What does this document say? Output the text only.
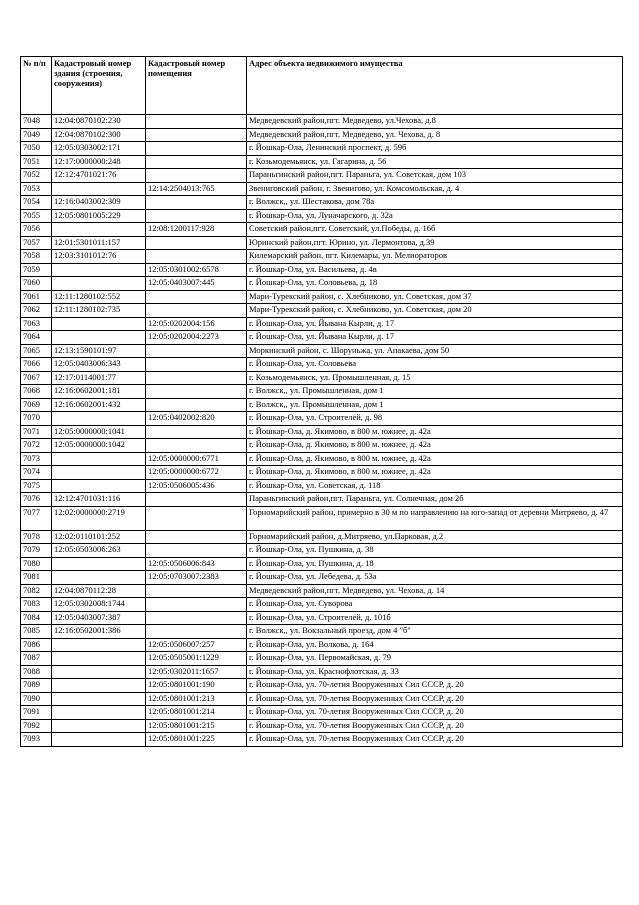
№ п/п	Кадастровый номер здания (строения, сооружения)	Кадастровый номер помещения	Адрес объекта недвижимого имущества
7048	12:04:0870102:230		Медведевский район,пгт. Медведево, ул.Чехова, д.8
7049	12:04:0870102:300		Медведевский район,пгт. Медведево, ул. Чехова, д. 8
7050	12:05:0303002:171		г. Йошкар-Ола, Ленинский проспект, д. 59б
7051	12:17:0000000:248		г. Козьмодемьянск, ул. Гагарина, д. 56
7052	12:12:4701021:76		Параньгинский район,пгт. Параньга, ул. Советская, дом 103
7053		12:14:2504013:765	Звениговский район, г. Звенигово, ул. Комсомольская, д. 4
7054	12:16:0403002:309		г. Волжск,, ул. Шестакова, дом 78а
7055	12:05:0801005:229		г. Йошкар-Ола, ул. Луначарского, д. 32а
7056		12:08:1200117:928	Советский район,пгт. Советский, ул.Победы, д. 16б
7057	12:01:5301011:157		Юринский район,пгт. Юрино, ул. Лермонтова, д.39
7058	12:03:3101012:76		Килемарский район, пгт. Килемары, ул. Мелиораторов
7059		12:05:0301002:6578	г. Йошкар-Ола, ул. Васильева, д. 4в
7060		12:05:0403007:445	г. Йошкар-Ола, ул. Соловьева, д. 18
7061	12:11:1280102:552		Мари-Турекский район, с. Хлебниково, ул. Советская, дом 37
7062	12:11:1280102:735		Мари-Турекский район, с. Хлебниково, ул. Советская, дом 20
7063		12:05:0202004:156	г. Йошкар-Ола, ул. Йывана Кырли, д. 17
7064		12:05:0202004:2273	г. Йошкар-Ола, ул. Йывана Кырли, д. 17
7065	12:13:1590101:97		Моркинский район, с. Шоруньжа, ул. Апакаева, дом 50
7066	12:05:0403006:343		г. Йошкар-Ола, ул. Соловьева
7067	12:17:0114001:77		г. Козьмодемьянск, ул. Промышленная, д. 15
7068	12:16:0602001:181		г. Волжск,, ул. Промышленная, дом 1
7069	12:16:0602001:432		г. Волжск,, ул. Промышленная, дом 1
7070		12:05:0402002:820	г. Йошкар-Ола, ул. Строителей, д. 98
7071	12:05:0000000:1041		г. Йошкар-Ола, д. Якимово, в 800 м. южнее, д. 42а
7072	12:05:0000000:1042		г. Йошкар-Ола, д. Якимово, в 800 м. южнее, д. 42а
7073		12:05:0000000:6771	г. Йошкар-Ола, д. Якимово, в 800 м. южнее, д. 42а
7074		12:05:0000000:6772	г. Йошкар-Ола, д. Якимово, в 800 м. южнее, д. 42а
7075		12:05:0506005:436	г. Йошкар-Ола, ул. Советская, д. 118
7076	12:12:4701031:116		Параньгинский район,пгт. Параньга, ул. Солнечная, дом 2б
7077	12:02:0000000:2719		Горномарийский район, примерно в 30 м по направлению на юго-запад от деревни Митряево, д. 47
7078	12:02:0110101:252		Горномарийский район, д.Митряево, ул.Парковая, д.2
7079	12:05:0503006:263		г. Йошкар-Ола, ул. Пушкина, д. 38
7080		12:05:0506006:843	г. Йошкар-Ола, ул. Пушкина, д. 18
7081		12:05:0703007:2383	г. Йошкар-Ола, ул. Лебедева, д. 53а
7082	12:04:0870112:28		Медведевский район,пгт. Медведево, ул. Чехова, д. 14
7083	12:05:0302008:1744		г. Йошкар-Ола, ул. Суворова
7084	12:05:0403007:387		г. Йошкар-Ола, ул. Строителей, д. 101б
7085	12:16:0502001:386		г. Волжск,, ул. Вокзальный проезд, дом 4 "б"
7086		12:05:0506007:257	г. Йошкар-Ола, ул. Волкова, д. 164
7087		12:05:0505001:1229	г. Йошкар-Ола, ул. Первомайская, д. 79
7088		12:05:0302011:1657	г. Йошкар-Ола, ул. Краснофлотская, д. 33
7089		12:05:0801001:190	г. Йошкар-Ола, ул. 70-летия Вооруженных Сил СССР, д. 20
7090		12:05:0801001:213	г. Йошкар-Ола, ул. 70-летия Вооруженных Сил СССР, д. 20
7091		12:05:0801001:214	г. Йошкар-Ола, ул. 70-летия Вооруженных Сил СССР, д. 20
7092		12:05:0801001:215	г. Йошкар-Ола, ул. 70-летия Вооруженных Сил СССР, д. 20
7093		12:05:0801001:225	г. Йошкар-Ола, ул. 70-летия Вооруженных Сил СССР, д. 20
